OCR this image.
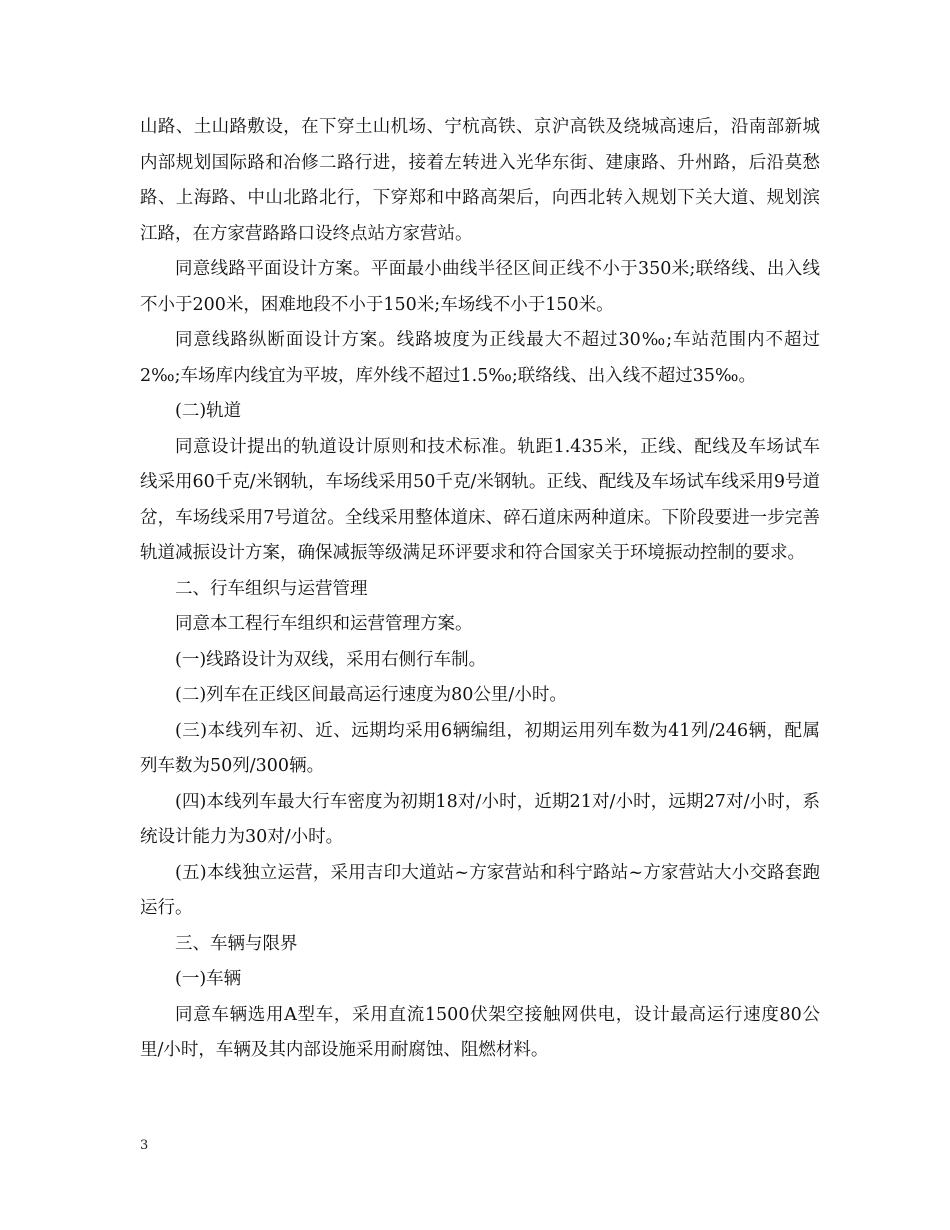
山路、土山路敷设，在下穿土山机场、宁杭高铁、京沪高铁及绕城高速后，沿南部新城内部规划国际路和冶修二路行进，接着左转进入光华东街、建康路、升州路，后沿莫愁路、上海路、中山北路北行，下穿郑和中路高架后，向西北转入规划下关大道、规划滨江路，在方家营路路口设终点站方家营站。

同意线路平面设计方案。平面最小曲线半径区间正线不小于350米;联络线、出入线不小于200米，困难地段不小于150米;车场线不小于150米。

同意线路纵断面设计方案。线路坡度为正线最大不超过30‰;车站范围内不超过2‰;车场库内线宜为平坡，库外线不超过1.5‰;联络线、出入线不超过35‰。

(二)轨道

同意设计提出的轨道设计原则和技术标准。轨距1.435米，正线、配线及车场试车线采用60千克/米钢轨，车场线采用50千克/米钢轨。正线、配线及车场试车线采用9号道岔，车场线采用7号道岔。全线采用整体道床、碎石道床两种道床。下阶段要进一步完善轨道减振设计方案，确保减振等级满足环评要求和符合国家关于环境振动控制的要求。

二、行车组织与运营管理

同意本工程行车组织和运营管理方案。

(一)线路设计为双线，采用右侧行车制。

(二)列车在正线区间最高运行速度为80公里/小时。

(三)本线列车初、近、远期均采用6辆编组，初期运用列车数为41列/246辆，配属列车数为50列/300辆。

(四)本线列车最大行车密度为初期18对/小时，近期21对/小时，远期27对/小时，系统设计能力为30对/小时。

(五)本线独立运营，采用吉印大道站~方家营站和科宁路站~方家营站大小交路套跑运行。

三、车辆与限界

(一)车辆

同意车辆选用A型车，采用直流1500伏架空接触网供电，设计最高运行速度80公里/小时，车辆及其内部设施采用耐腐蚀、阻燃材料。

3
